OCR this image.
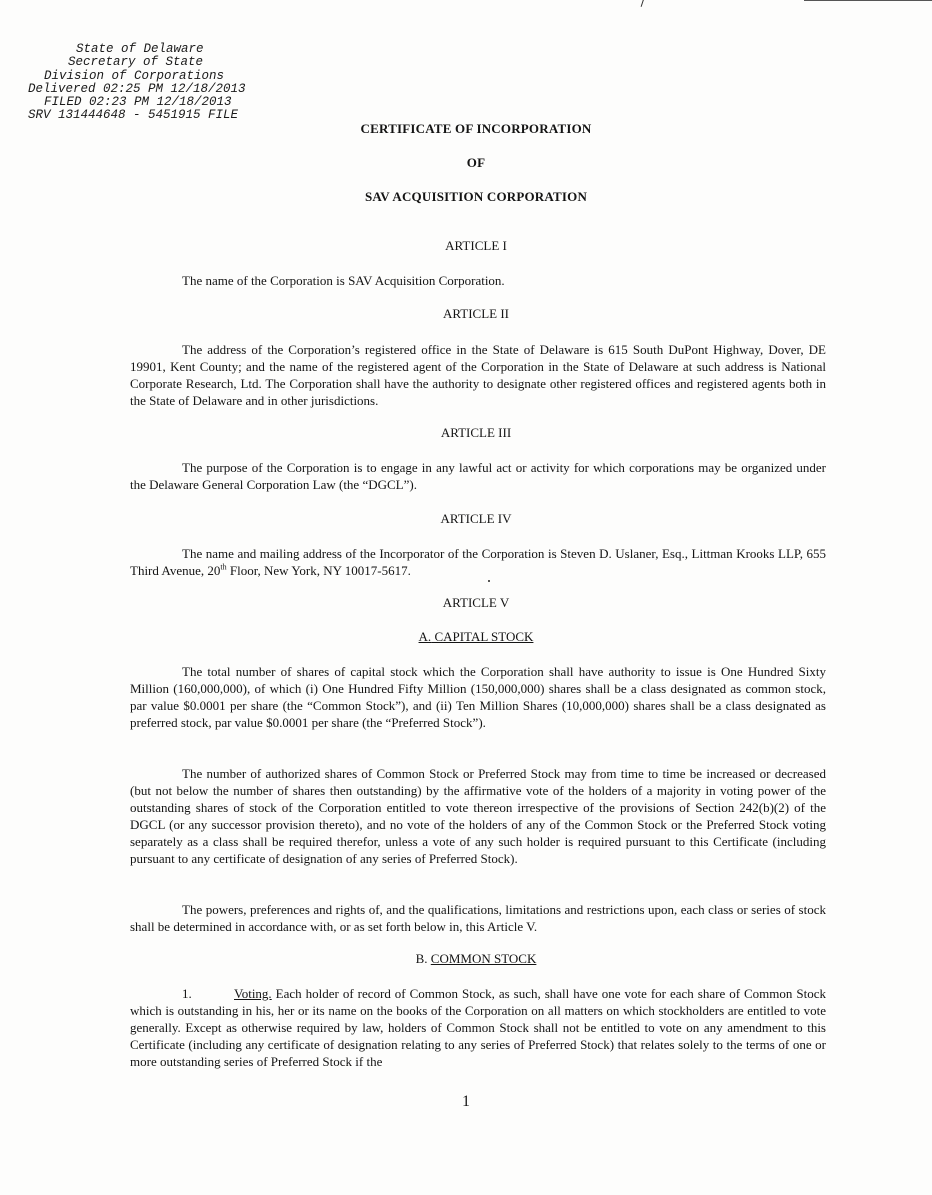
State of Delaware
Secretary of State
Division of Corporations
Delivered 02:25 PM 12/18/2013
FILED 02:23 PM 12/18/2013
SRV 131444648 - 5451915 FILE
CERTIFICATE OF INCORPORATION
OF
SAV ACQUISITION CORPORATION
ARTICLE I
The name of the Corporation is SAV Acquisition Corporation.
ARTICLE II
The address of the Corporation’s registered office in the State of Delaware is 615 South DuPont Highway, Dover, DE 19901, Kent County; and the name of the registered agent of the Corporation in the State of Delaware at such address is National Corporate Research, Ltd. The Corporation shall have the authority to designate other registered offices and registered agents both in the State of Delaware and in other jurisdictions.
ARTICLE III
The purpose of the Corporation is to engage in any lawful act or activity for which corporations may be organized under the Delaware General Corporation Law (the “DGCL”).
ARTICLE IV
The name and mailing address of the Incorporator of the Corporation is Steven D. Uslaner, Esq., Littman Krooks LLP, 655 Third Avenue, 20th Floor, New York, NY 10017-5617.
ARTICLE V
A. CAPITAL STOCK
The total number of shares of capital stock which the Corporation shall have authority to issue is One Hundred Sixty Million (160,000,000), of which (i) One Hundred Fifty Million (150,000,000) shares shall be a class designated as common stock, par value $0.0001 per share (the “Common Stock”), and (ii) Ten Million Shares (10,000,000) shares shall be a class designated as preferred stock, par value $0.0001 per share (the “Preferred Stock”).
The number of authorized shares of Common Stock or Preferred Stock may from time to time be increased or decreased (but not below the number of shares then outstanding) by the affirmative vote of the holders of a majority in voting power of the outstanding shares of stock of the Corporation entitled to vote thereon irrespective of the provisions of Section 242(b)(2) of the DGCL (or any successor provision thereto), and no vote of the holders of any of the Common Stock or the Preferred Stock voting separately as a class shall be required therefor, unless a vote of any such holder is required pursuant to this Certificate (including pursuant to any certificate of designation of any series of Preferred Stock).
The powers, preferences and rights of, and the qualifications, limitations and restrictions upon, each class or series of stock shall be determined in accordance with, or as set forth below in, this Article V.
B. COMMON STOCK
1.	Voting. Each holder of record of Common Stock, as such, shall have one vote for each share of Common Stock which is outstanding in his, her or its name on the books of the Corporation on all matters on which stockholders are entitled to vote generally. Except as otherwise required by law, holders of Common Stock shall not be entitled to vote on any amendment to this Certificate (including any certificate of designation relating to any series of Preferred Stock) that relates solely to the terms of one or more outstanding series of Preferred Stock if the
1
